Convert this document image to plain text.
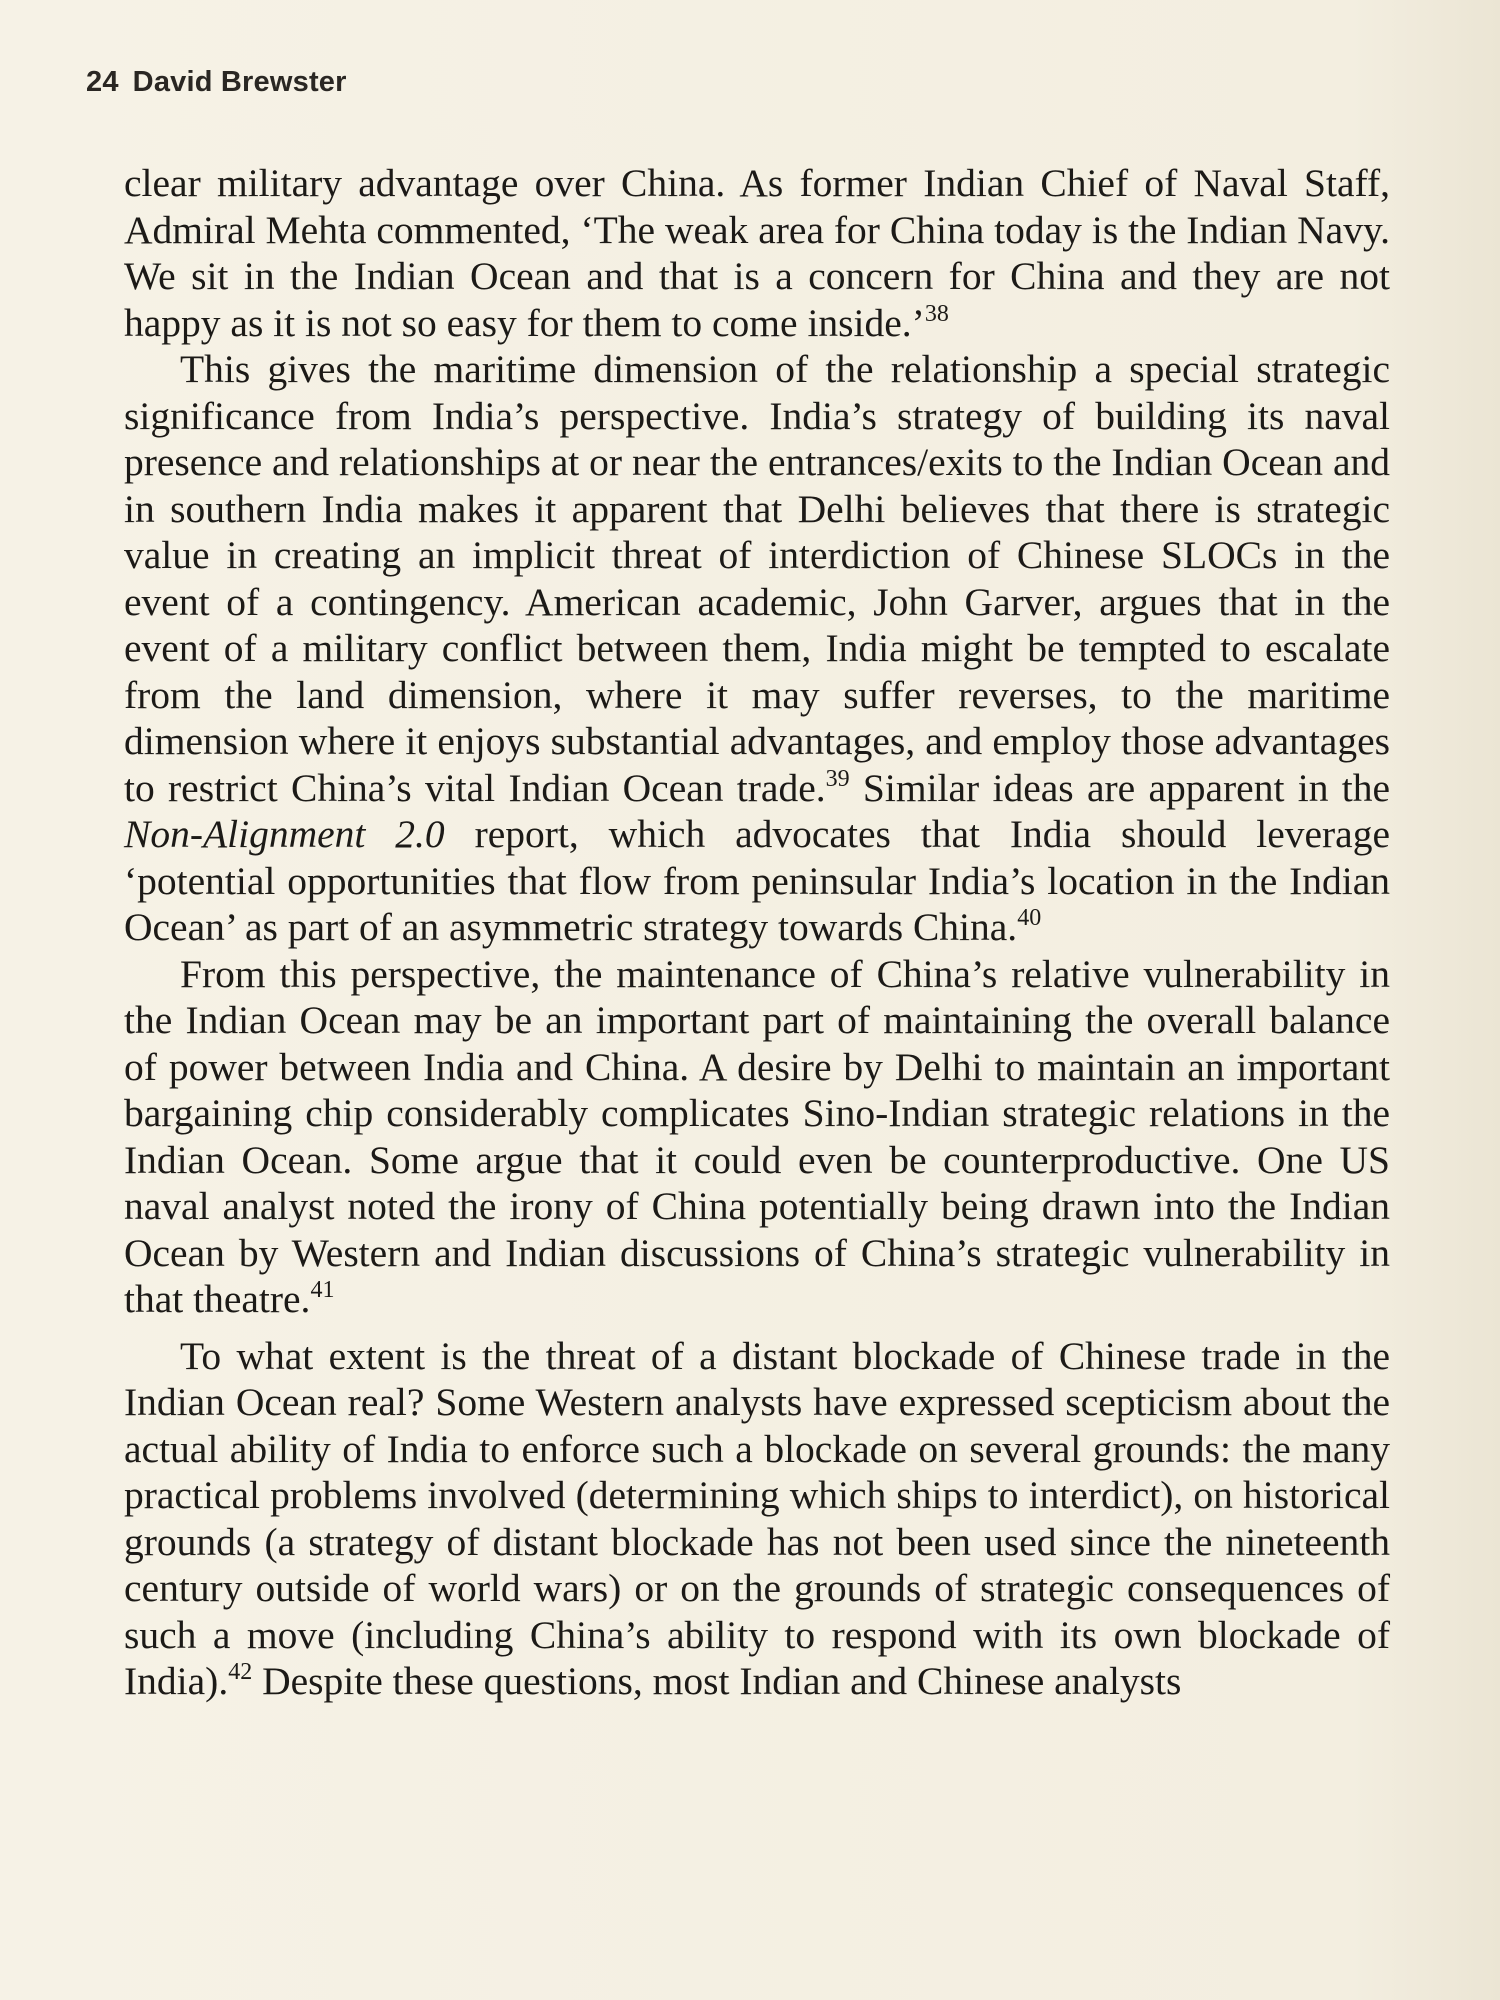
24 David Brewster

clear military advantage over China. As former Indian Chief of Naval Staff, Admiral Mehta commented, ‘The weak area for China today is the Indian Navy. We sit in the Indian Ocean and that is a concern for China and they are not happy as it is not so easy for them to come inside.’$^{38}$

This gives the maritime dimension of the relationship a special strategic significance from India’s perspective. India’s strategy of building its naval presence and relationships at or near the entrances/exits to the Indian Ocean and in southern India makes it apparent that Delhi believes that there is strategic value in creating an implicit threat of interdiction of Chinese SLOCs in the event of a contingency. American academic, John Garver, argues that in the event of a military conflict between them, India might be tempted to escalate from the land dimension, where it may suffer reverses, to the maritime dimension where it enjoys substantial advantages, and employ those advantages to restrict China’s vital Indian Ocean trade.$^{39}$ Similar ideas are apparent in the Non-Alignment 2.0 report, which advocates that India should leverage ‘potential opportunities that flow from peninsular India’s location in the Indian Ocean’ as part of an asymmetric strategy towards China.$^{40}$

From this perspective, the maintenance of China’s relative vulnerability in the Indian Ocean may be an important part of maintaining the overall balance of power between India and China. A desire by Delhi to maintain an important bargaining chip considerably complicates Sino-Indian strategic relations in the Indian Ocean. Some argue that it could even be counterproductive. One US naval analyst noted the irony of China potentially being drawn into the Indian Ocean by Western and Indian discussions of China’s strategic vulnerability in that theatre.$^{41}$

To what extent is the threat of a distant blockade of Chinese trade in the Indian Ocean real? Some Western analysts have expressed scepticism about the actual ability of India to enforce such a blockade on several grounds: the many practical problems involved (determining which ships to interdict), on historical grounds (a strategy of distant blockade has not been used since the nineteenth century outside of world wars) or on the grounds of strategic consequences of such a move (including China’s ability to respond with its own blockade of India).$^{42}$ Despite these questions, most Indian and Chinese analysts
